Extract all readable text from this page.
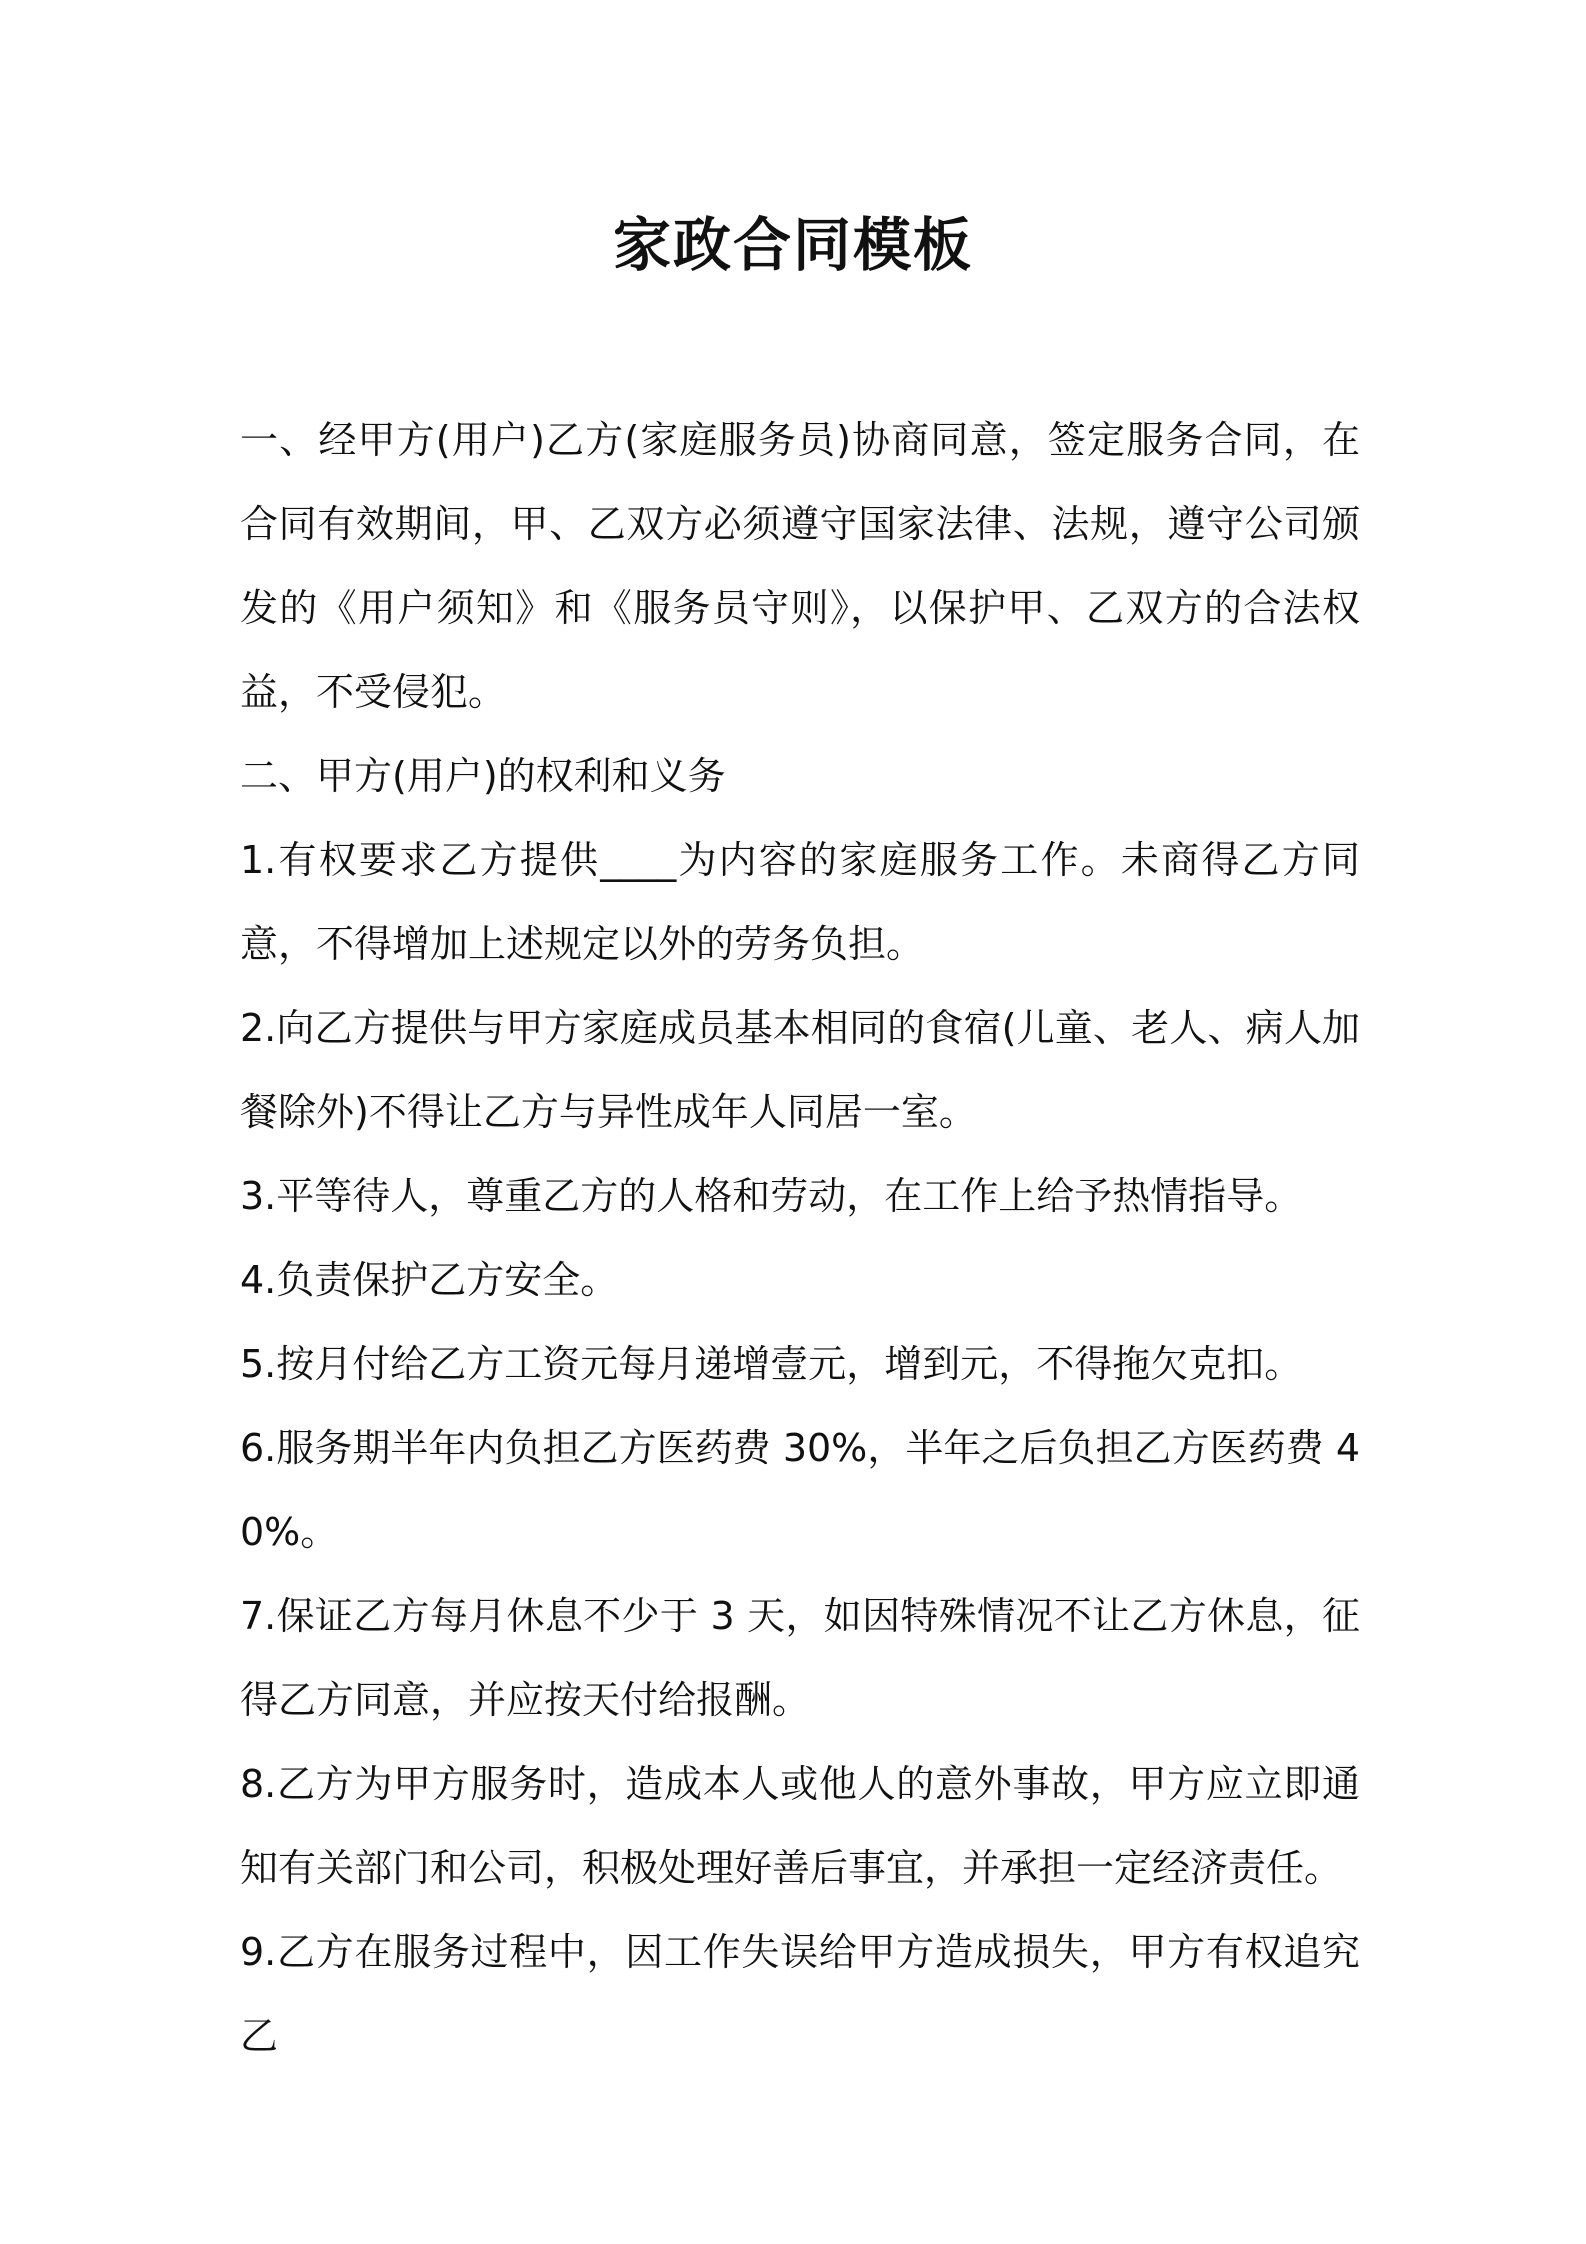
家政合同模板

一、经甲方(用户)乙方(家庭服务员)协商同意，签定服务合同，在合同有效期间，甲、乙双方必须遵守国家法律、法规，遵守公司颁发的《用户须知》和《服务员守则》，以保护甲、乙双方的合法权益，不受侵犯。

二、甲方(用户)的权利和义务

1.有权要求乙方提供____为内容的家庭服务工作。未商得乙方同意，不得增加上述规定以外的劳务负担。

2.向乙方提供与甲方家庭成员基本相同的食宿(儿童、老人、病人加餐除外)不得让乙方与异性成年人同居一室。

3.平等待人，尊重乙方的人格和劳动，在工作上给予热情指导。

4.负责保护乙方安全。

5.按月付给乙方工资元每月递增壹元，增到元，不得拖欠克扣。

6.服务期半年内负担乙方医药费 30%，半年之后负担乙方医药费 40%。

7.保证乙方每月休息不少于 3 天，如因特殊情况不让乙方休息，征得乙方同意，并应按天付给报酬。

8.乙方为甲方服务时，造成本人或他人的意外事故，甲方应立即通知有关部门和公司，积极处理好善后事宜，并承担一定经济责任。

9.乙方在服务过程中，因工作失误给甲方造成损失，甲方有权追究乙
